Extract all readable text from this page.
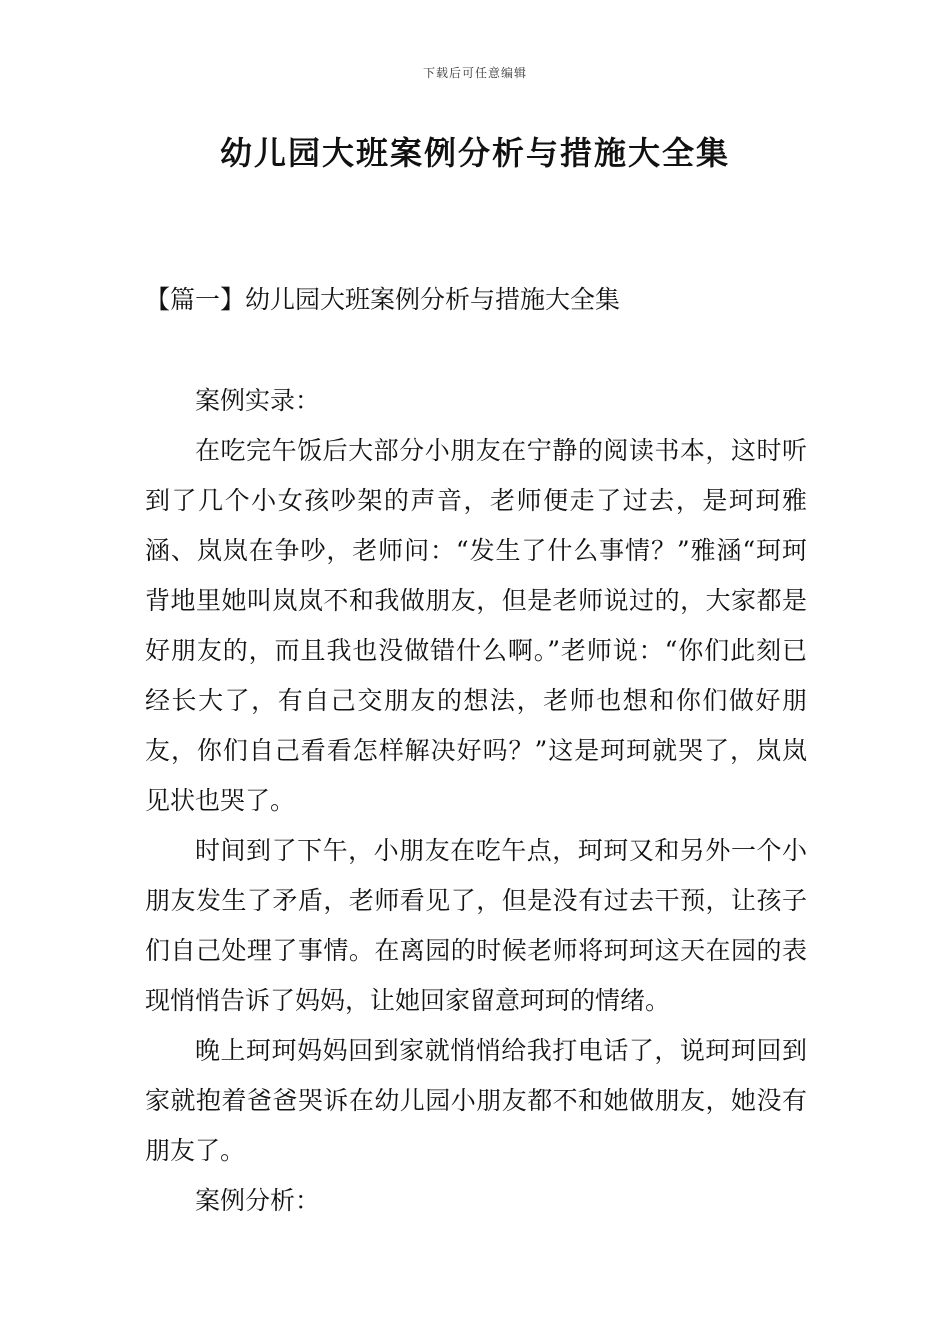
下载后可任意编辑
幼儿园大班案例分析与措施大全集
【篇一】幼儿园大班案例分析与措施大全集

案例实录：

在吃完午饭后大部分小朋友在宁静的阅读书本，这时听到了几个小女孩吵架的声音，老师便走了过去，是珂珂雅涵、岚岚在争吵，老师问：“发生了什么事情？”雅涵“珂珂背地里她叫岚岚不和我做朋友，但是老师说过的，大家都是好朋友的，而且我也没做错什么啊。”老师说：“你们此刻已经长大了，有自己交朋友的想法，老师也想和你们做好朋友，你们自己看看怎样解决好吗？”这是珂珂就哭了，岚岚见状也哭了。

时间到了下午，小朋友在吃午点，珂珂又和另外一个小朋友发生了矛盾，老师看见了，但是没有过去干预，让孩子们自己处理了事情。在离园的时候老师将珂珂这天在园的表现悄悄告诉了妈妈，让她回家留意珂珂的情绪。

晚上珂珂妈妈回到家就悄悄给我打电话了，说珂珂回到家就抱着爸爸哭诉在幼儿园小朋友都不和她做朋友，她没有朋友了。

案例分析：
